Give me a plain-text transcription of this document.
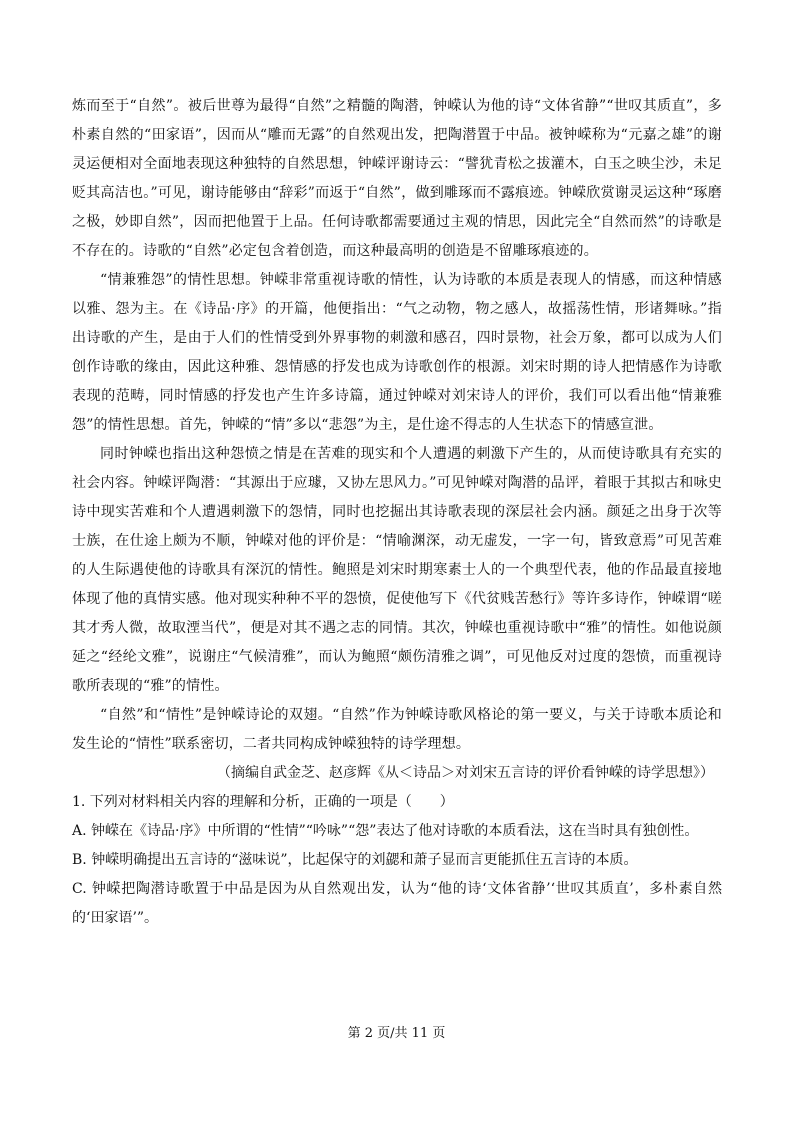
炼而至于“自然”。被后世尊为最得“自然”之精髓的陶潜，钟嵘认为他的诗“文体省静”“世叹其质直”，多朴素自然的“田家语”，因而从“雕而无露”的自然观出发，把陶潜置于中品。被钟嵘称为“元嘉之雄”的谢灵运便相对全面地表现这种独特的自然思想，钟嵘评谢诗云：“譬犹青松之拔灌木，白玉之映尘沙，未足贬其高洁也。”可见，谢诗能够由“辞彩”而返于“自然”，做到雕琢而不露痕迹。钟嵘欣赏谢灵运这种“琢磨之极，妙即自然”，因而把他置于上品。任何诗歌都需要通过主观的情思，因此完全“自然而然”的诗歌是不存在的。诗歌的“自然”必定包含着创造，而这种最高明的创造是不留雕琢痕迹的。

“情兼雅怨”的情性思想。钟嵘非常重视诗歌的情性，认为诗歌的本质是表现人的情感，而这种情感以雅、怨为主。在《诗品·序》的开篇，他便指出：“气之动物，物之感人，故摇荡性情，形诸舞咏。”指出诗歌的产生，是由于人们的性情受到外界事物的刺激和感召，四时景物，社会万象，都可以成为人们创作诗歌的缘由，因此这种雅、怨情感的抒发也成为诗歌创作的根源。刘宋时期的诗人把情感作为诗歌表现的范畴，同时情感的抒发也产生许多诗篇，通过钟嵘对刘宋诗人的评价，我们可以看出他“情兼雅怨”的情性思想。首先，钟嵘的“情”多以“悲怨”为主，是仕途不得志的人生状态下的情感宣泄。

同时钟嵘也指出这种怨愤之情是在苦难的现实和个人遭遇的刺激下产生的，从而使诗歌具有充实的社会内容。钟嵘评陶潜：“其源出于应璩，又协左思风力。”可见钟嵘对陶潜的品评，着眼于其拟古和咏史诗中现实苦难和个人遭遇刺激下的怨情，同时也挖掘出其诗歌表现的深层社会内涵。颜延之出身于次等士族，在仕途上颇为不顺，钟嵘对他的评价是：“情喻渊深，动无虚发，一字一句，皆致意焉”可见苦难的人生际遇使他的诗歌具有深沉的情性。鲍照是刘宋时期寒素士人的一个典型代表，他的作品最直接地体现了他的真情实感。他对现实种种不平的怨愤，促使他写下《代贫贱苦愁行》等许多诗作，钟嵘谓“嗟其才秀人微，故取湮当代”，便是对其不遇之志的同情。其次，钟嵘也重视诗歌中“雅”的情性。如他说颜延之“经纶文雅”，说谢庄“气候清雅”，而认为鲍照“颇伤清雅之调”，可见他反对过度的怨愤，而重视诗歌所表现的“雅”的情性。

“自然”和“情性”是钟嵘诗论的双翅。“自然”作为钟嵘诗歌风格论的第一要义，与关于诗歌本质论和发生论的“情性”联系密切，二者共同构成钟嵘独特的诗学理想。

（摘编自武金芝、赵彦辉《从＜诗品＞对刘宋五言诗的评价看钟嵘的诗学思想》）

1. 下列对材料相关内容的理解和分析，正确的一项是（　　）

A. 钟嵘在《诗品·序》中所谓的“性情”“吟咏”“怨”表达了他对诗歌的本质看法，这在当时具有独创性。

B. 钟嵘明确提出五言诗的“滋味说”，比起保守的刘勰和萧子显而言更能抓住五言诗的本质。

C. 钟嵘把陶潜诗歌置于中品是因为从自然观出发，认为“他的诗‘文体省静’‘世叹其质直’，多朴素自然的‘田家语’”。

第 2 页/共 11 页
